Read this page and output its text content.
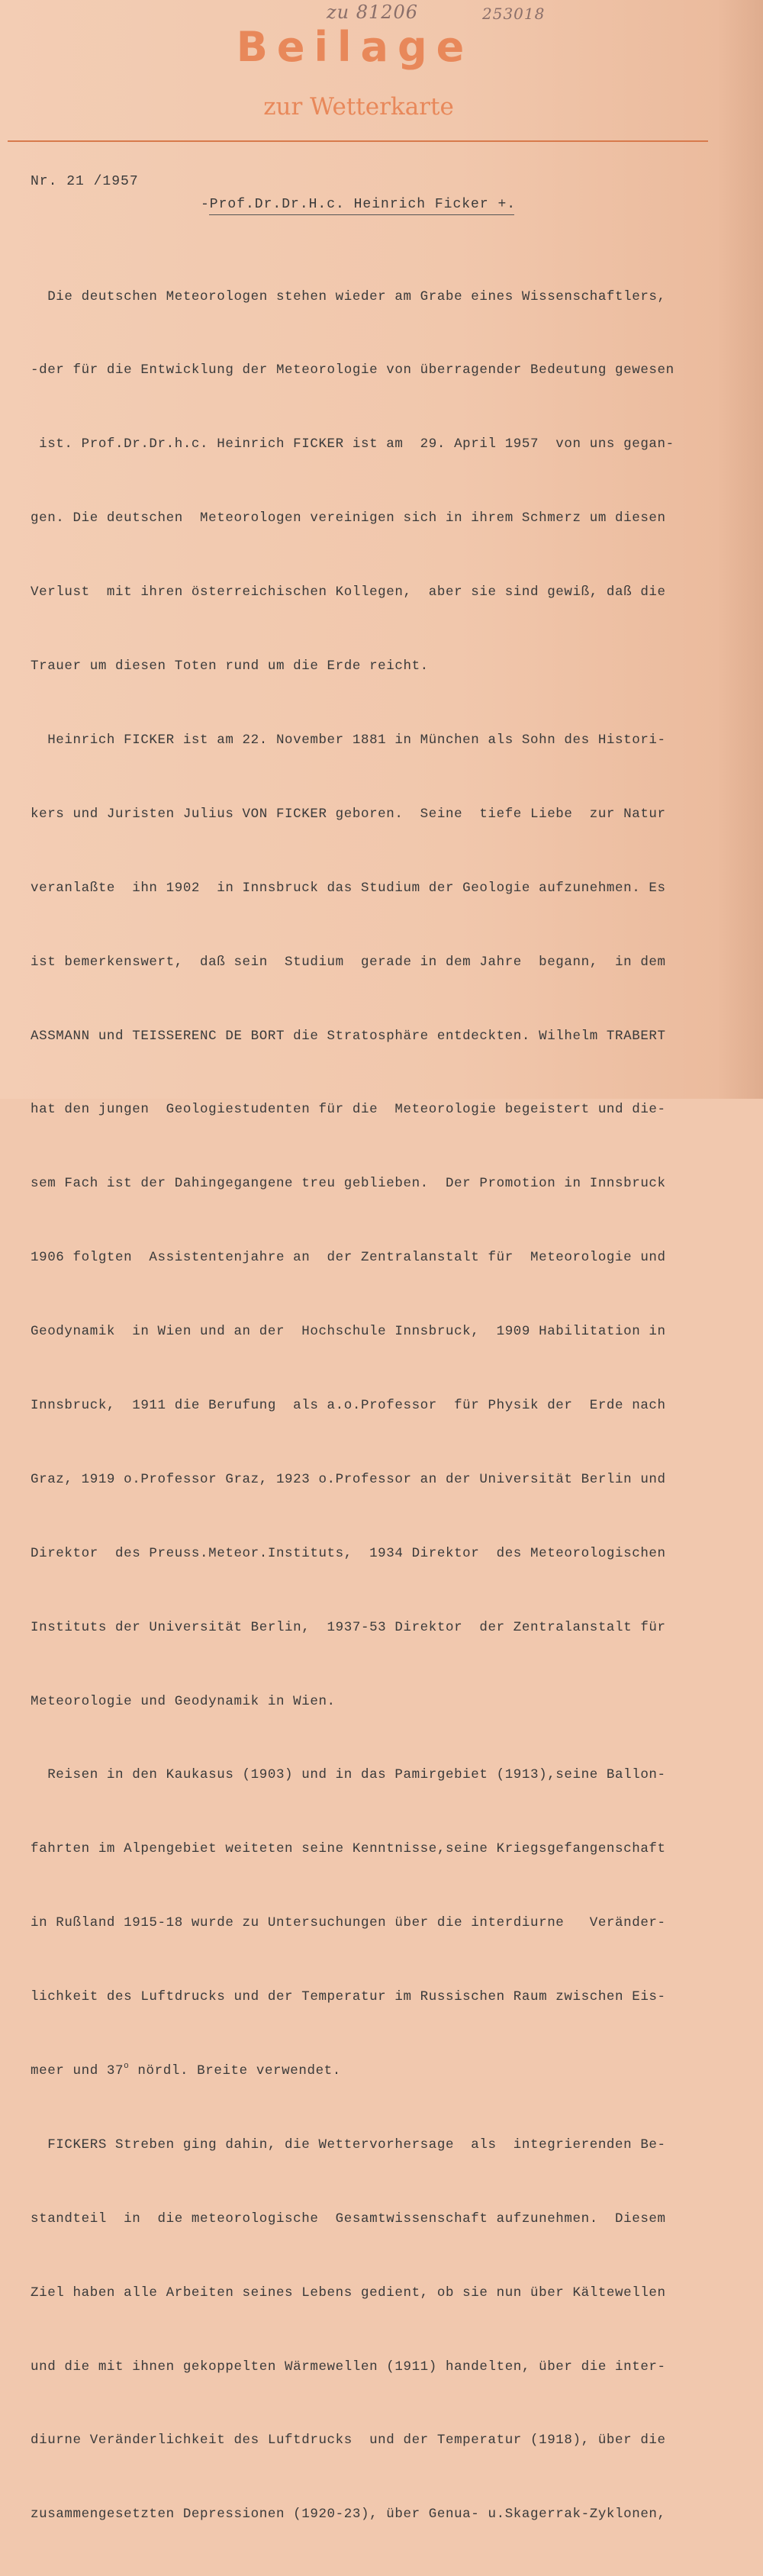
zu 81206	253018
Beilage
zur Wetterkarte
Nr. 21 /1957
-Prof.Dr.Dr.H.c. Heinrich Ficker +.

Die deutschen Meteorologen stehen wieder am Grabe eines Wissenschaftlers,

-der für die Entwicklung der Meteorologie von überragender Bedeutung gewesen

ist. Prof.Dr.Dr.h.c. Heinrich FICKER ist am  29. April 1957  von uns gegan-

gen. Die deutschen  Meteorologen vereinigen sich in ihrem Schmerz um diesen

Verlust  mit ihren österreichischen Kollegen,  aber sie sind gewiß, daß die

Trauer um diesen Toten rund um die Erde reicht.

Heinrich FICKER ist am 22. November 1881 in München als Sohn des Histori-

kers und Juristen Julius VON FICKER geboren.  Seine  tiefe Liebe  zur Natur

veranlaßte  ihn 1902  in Innsbruck das Studium der Geologie aufzunehmen. Es

ist bemerkenswert,  daß sein  Studium  gerade in dem Jahre  begann,  in dem

ASSMANN und TEISSERENC DE BORT die Stratosphäre entdeckten. Wilhelm TRABERT

hat den jungen  Geologiestudenten für die  Meteorologie begeistert und die-

sem Fach ist der Dahingegangene treu geblieben.  Der Promotion in Innsbruck

1906 folgten  Assistentenjahre an  der Zentralanstalt für  Meteorologie und

Geodynamik  in Wien und an der  Hochschule Innsbruck,  1909 Habilitation in

Innsbruck,  1911 die Berufung  als a.o.Professor  für Physik der  Erde nach

Graz, 1919 o.Professor Graz, 1923 o.Professor an der Universität Berlin und

Direktor  des Preuss.Meteor.Instituts,  1934 Direktor  des Meteorologischen

Instituts der Universität Berlin,  1937-53 Direktor  der Zentralanstalt für

Meteorologie und Geodynamik in Wien.

Reisen in den Kaukasus (1903) und in das Pamirgebiet (1913),seine Ballon-

fahrten im Alpengebiet weiteten seine Kenntnisse,seine Kriegsgefangenschaft

in Rußland 1915-18 wurde zu Untersuchungen über die interdiurne   Veränder-

lichkeit des Luftdrucks und der Temperatur im Russischen Raum zwischen Eis-

meer und 37$^o$ nördl. Breite verwendet.

FICKERS Streben ging dahin, die Wettervorhersage  als  integrierenden Be-

standteil  in  die meteorologische  Gesamtwissenschaft aufzunehmen.  Diesem

Ziel haben alle Arbeiten seines Lebens gedient, ob sie nun über Kältewellen

und die mit ihnen gekoppelten Wärmewellen (1911) handelten, über die inter-

diurne Veränderlichkeit des Luftdrucks  und der Temperatur (1918), über die

zusammengesetzten Depressionen (1920-23), über Genua- u.Skagerrak-Zyklonen,
